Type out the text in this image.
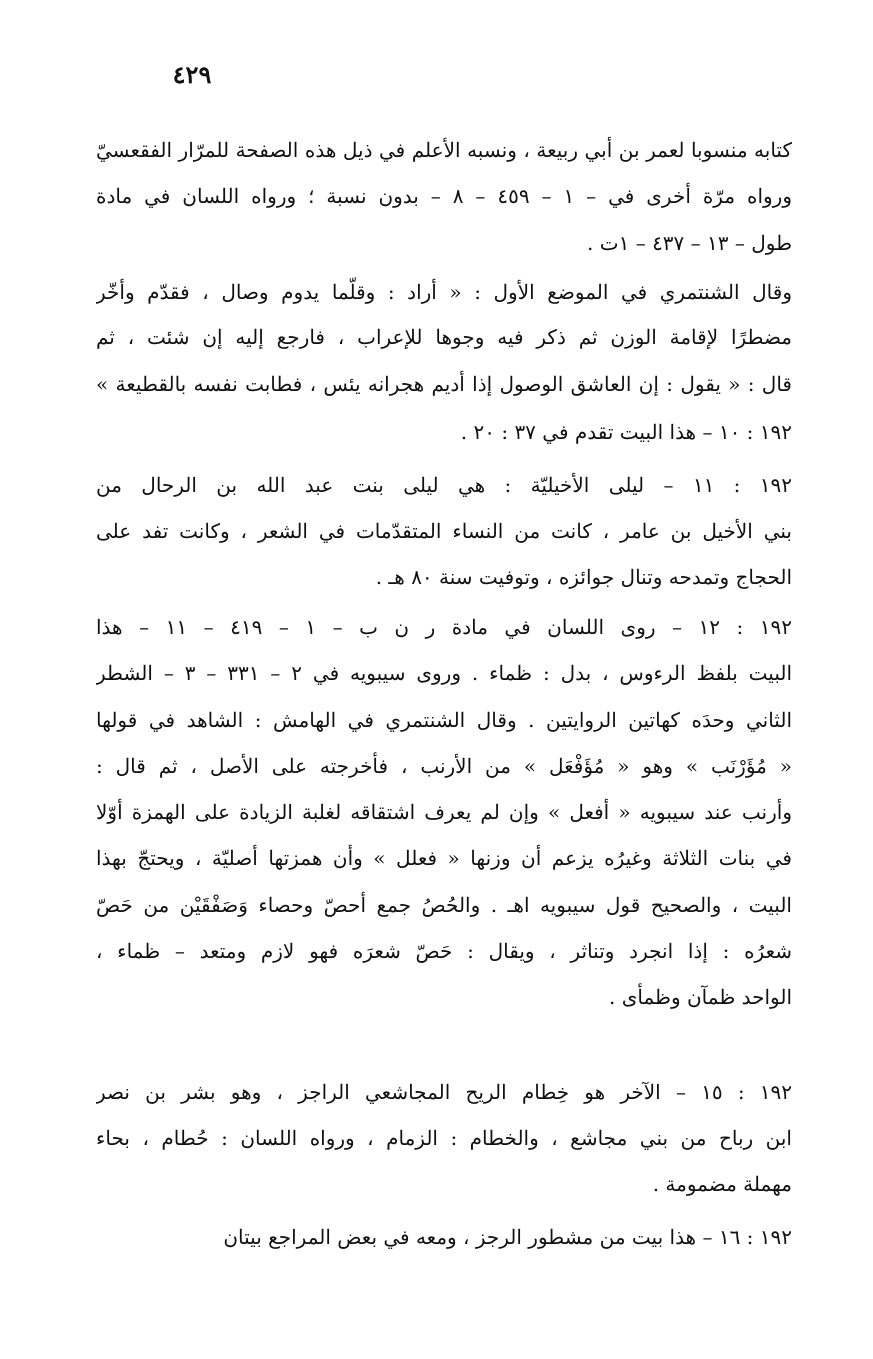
٤٢٩
كتابه منسوبا لعمر بن أبي ربيعة ، ونسبه الأعلم في ذيل هذه الصفحة للمرّار الفقعسيّ
ورواه مرّة أخرى في – ١ – ٤٥٩ – ٨ – بدون نسبة ؛ ورواه اللسان في مادة
طول – ١٣ – ٤٣٧ – ١ت .
وقال الشنتمري في الموضع الأول : « أراد : وقلّما يدوم وصال ، فقدّم وأخّر
مضطرًا لإقامة الوزن ثم ذكر فيه وجوها للإعراب ، فارجع إليه إن شئت ، ثم
قال : « يقول : إن العاشق الوصول إذا أديم هجرانه يئس ، فطابت نفسه بالقطيعة »
١٩٢ : ١٠ – هذا البيت تقدم في ٣٧ : ٢٠ .
١٩٢ : ١١ – ليلى الأخيليّة : هي ليلى بنت عبد الله بن الرحال من
بني الأخيل بن عامر ، كانت من النساء المتقدّمات في الشعر ، وكانت تفد على
الحجاج وتمدحه وتنال جوائزه ، وتوفيت سنة ٨٠ هـ .
١٩٢ : ١٢ – روى اللسان في مادة ر ن ب – ١ – ٤١٩ – ١١ – هذا
البيت بلفظ الرءوس ، بدل : ظماء . وروى سيبويه في ٢ – ٣٣١ – ٣ – الشطر
الثاني وحدَه كهاتين الروايتين . وقال الشنتمري في الهامش : الشاهد في قولها
« مُؤَرْنَب » وهو « مُؤَفْعَل » من الأرنب ، فأخرجته على الأصل ، ثم قال :
وأرنب عند سيبويه « أفعل » وإن لم يعرف اشتقاقه لغلبة الزيادة على الهمزة أوّلا
في بنات الثلاثة وغيرُه يزعم أن وزنها « فعلل » وأن همزتها أصليّة ، ويحتجّ بهذا
البيت ، والصحيح قول سيبويه اهـ . والحُصُ جمع أحصّ وحصاء وَصَفْقَيْن من حَصّ
شعرُه : إذا انجرد وتناثر ، ويقال : حَصّ شعرَه فهو لازم ومتعد – ظماء ،
الواحد ظمآن وظمأى .
١٩٢ : ١٥ – الآخر هو خِطام الريح المجاشعي الراجز ، وهو بشر بن نصر
ابن رباح من بني مجاشع ، والخطام : الزمام ، ورواه اللسان : حُطام ، بحاء
مهملة مضمومة .
١٩٢ : ١٦ – هذا بيت من مشطور الرجز ، ومعه في بعض المراجع بيتان
